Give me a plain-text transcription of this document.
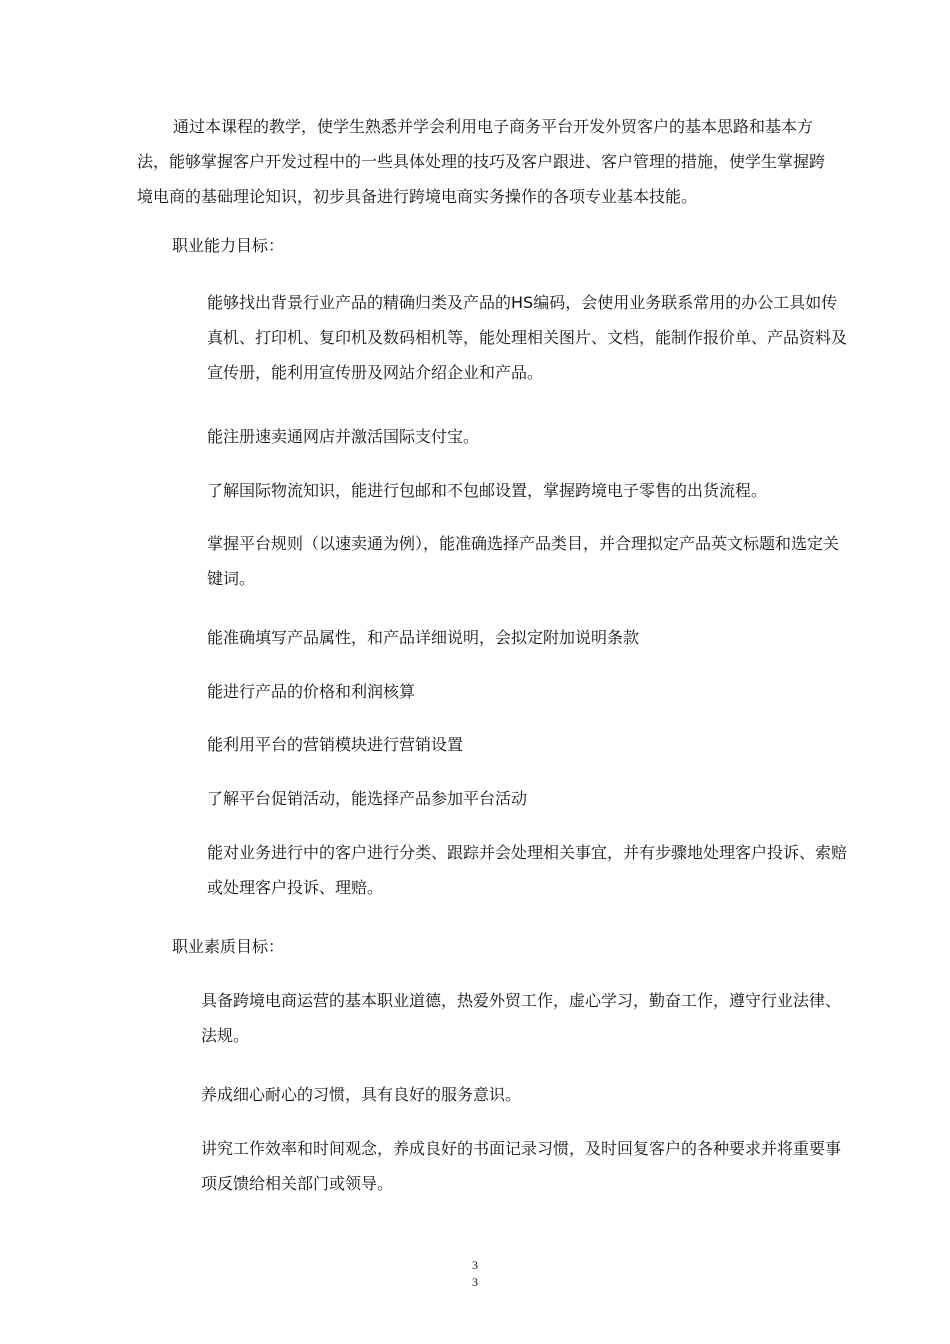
通过本课程的教学，使学生熟悉并学会利用电子商务平台开发外贸客户的基本思路和基本方法，能够掌握客户开发过程中的一些具体处理的技巧及客户跟进、客户管理的措施，使学生掌握跨境电商的基础理论知识，初步具备进行跨境电商实务操作的各项专业基本技能。

职业能力目标：

能够找出背景行业产品的精确归类及产品的HS编码，会使用业务联系常用的办公工具如传真机、打印机、复印机及数码相机等，能处理相关图片、文档，能制作报价单、产品资料及宣传册，能利用宣传册及网站介绍企业和产品。

能注册速卖通网店并激活国际支付宝。

了解国际物流知识，能进行包邮和不包邮设置，掌握跨境电子零售的出货流程。

掌握平台规则（以速卖通为例），能准确选择产品类目，并合理拟定产品英文标题和选定关键词。

能准确填写产品属性，和产品详细说明，会拟定附加说明条款

能进行产品的价格和利润核算

能利用平台的营销模块进行营销设置

了解平台促销活动，能选择产品参加平台活动

能对业务进行中的客户进行分类、跟踪并会处理相关事宜，并有步骤地处理客户投诉、索赔或处理客户投诉、理赔。

职业素质目标：

具备跨境电商运营的基本职业道德，热爱外贸工作，虚心学习，勤奋工作，遵守行业法律、法规。

养成细心耐心的习惯，具有良好的服务意识。

讲究工作效率和时间观念，养成良好的书面记录习惯，及时回复客户的各种要求并将重要事项反馈给相关部门或领导。

3
3
